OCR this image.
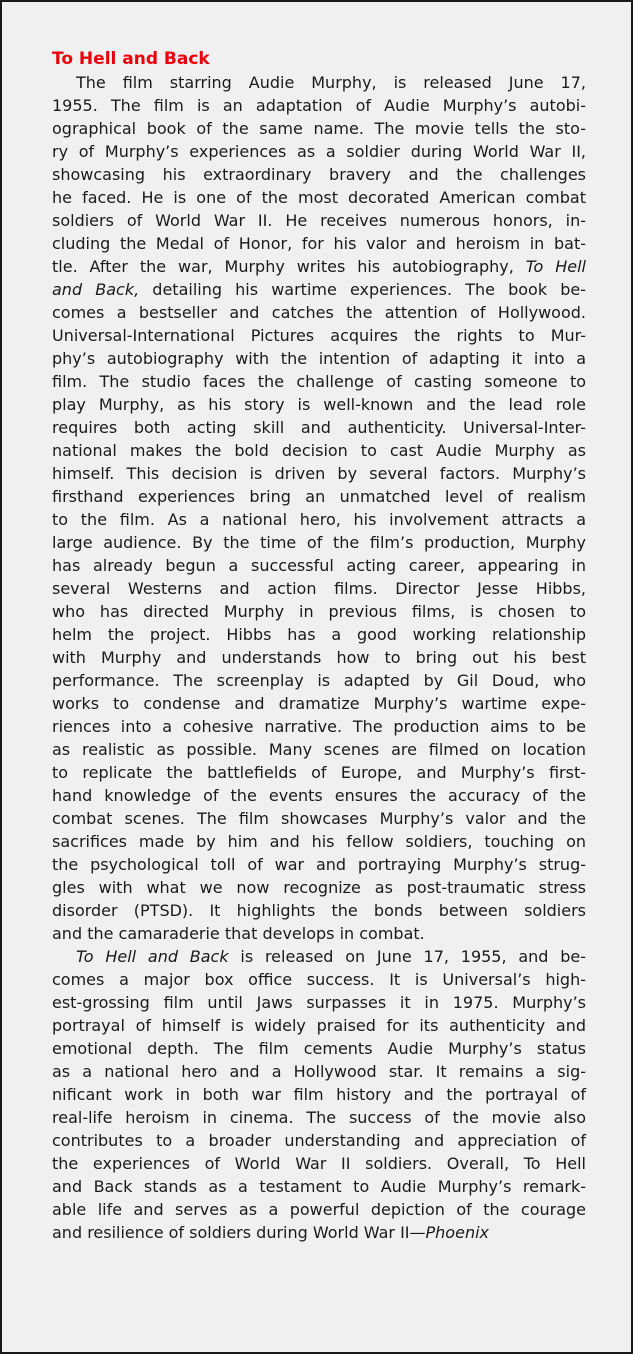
To Hell and Back
The film starring Audie Murphy, is released June 17,
1955. The film is an adaptation of Audie Murphy’s autobi-
ographical book of the same name. The movie tells the sto-
ry of Murphy’s experiences as a soldier during World War II,
showcasing his extraordinary bravery and the challenges
he faced. He is one of the most decorated American combat
soldiers of World War II. He receives numerous honors, in-
cluding the Medal of Honor, for his valor and heroism in bat-
tle. After the war, Murphy writes his autobiography, To Hell
and Back, detailing his wartime experiences. The book be-
comes a bestseller and catches the attention of Hollywood.
Universal-International Pictures acquires the rights to Mur-
phy’s autobiography with the intention of adapting it into a
film. The studio faces the challenge of casting someone to
play Murphy, as his story is well-known and the lead role
requires both acting skill and authenticity. Universal-Inter-
national makes the bold decision to cast Audie Murphy as
himself. This decision is driven by several factors. Murphy’s
firsthand experiences bring an unmatched level of realism
to the film. As a national hero, his involvement attracts a
large audience. By the time of the film’s production, Murphy
has already begun a successful acting career, appearing in
several Westerns and action films. Director Jesse Hibbs,
who has directed Murphy in previous films, is chosen to
helm the project. Hibbs has a good working relationship
with Murphy and understands how to bring out his best
performance. The screenplay is adapted by Gil Doud, who
works to condense and dramatize Murphy’s wartime expe-
riences into a cohesive narrative. The production aims to be
as realistic as possible. Many scenes are filmed on location
to replicate the battlefields of Europe, and Murphy’s first-
hand knowledge of the events ensures the accuracy of the
combat scenes. The film showcases Murphy’s valor and the
sacrifices made by him and his fellow soldiers, touching on
the psychological toll of war and portraying Murphy’s strug-
gles with what we now recognize as post-traumatic stress
disorder (PTSD). It highlights the bonds between soldiers
and the camaraderie that develops in combat.
To Hell and Back is released on June 17, 1955, and be-
comes a major box office success. It is Universal’s high-
est-grossing film until Jaws surpasses it in 1975. Murphy’s
portrayal of himself is widely praised for its authenticity and
emotional depth. The film cements Audie Murphy’s status
as a national hero and a Hollywood star. It remains a sig-
nificant work in both war film history and the portrayal of
real-life heroism in cinema. The success of the movie also
contributes to a broader understanding and appreciation of
the experiences of World War II soldiers. Overall, To Hell
and Back stands as a testament to Audie Murphy’s remark-
able life and serves as a powerful depiction of the courage
and resilience of soldiers during World War II—Phoenix
